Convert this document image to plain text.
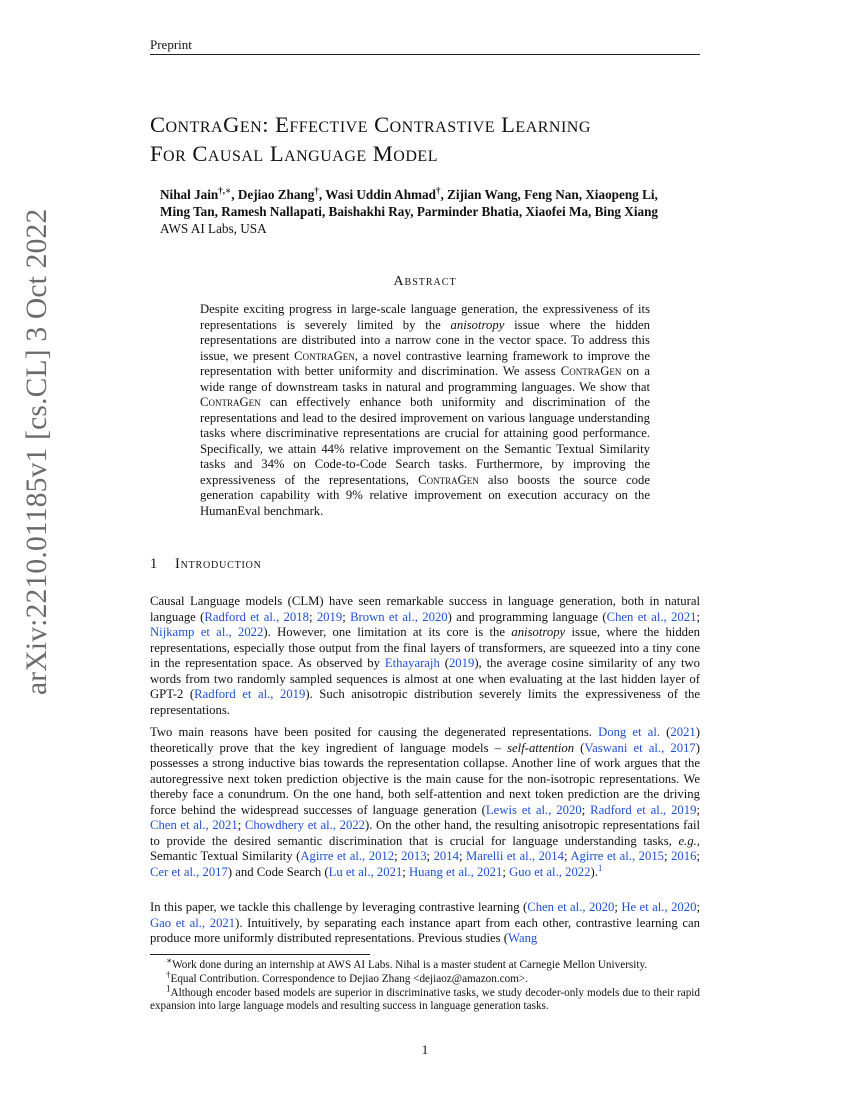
Preprint
arXiv:2210.01185v1 [cs.CL] 3 Oct 2022
ContraGen: Effective Contrastive Learning
For Causal Language Model
Nihal Jain†,∗, Dejiao Zhang†, Wasi Uddin Ahmad†, Zijian Wang, Feng Nan, Xiaopeng Li,
Ming Tan, Ramesh Nallapati, Baishakhi Ray, Parminder Bhatia, Xiaofei Ma, Bing Xiang
AWS AI Labs, USA
Abstract
Despite exciting progress in large-scale language generation, the expressiveness of its representations is severely limited by the anisotropy issue where the hidden representations are distributed into a narrow cone in the vector space. To address this issue, we present ContraGen, a novel contrastive learning framework to improve the representation with better uniformity and discrimination. We assess ContraGen on a wide range of downstream tasks in natural and programming languages. We show that ContraGen can effectively enhance both uniformity and discrimination of the representations and lead to the desired improvement on various language understanding tasks where discriminative representations are crucial for attaining good performance. Specifically, we attain 44% relative improvement on the Semantic Textual Similarity tasks and 34% on Code-to-Code Search tasks. Furthermore, by improving the expressiveness of the representations, ContraGen also boosts the source code generation capability with 9% relative improvement on execution accuracy on the HumanEval benchmark.
1 Introduction
Causal Language models (CLM) have seen remarkable success in language generation, both in natural language (Radford et al., 2018; 2019; Brown et al., 2020) and programming language (Chen et al., 2021; Nijkamp et al., 2022). However, one limitation at its core is the anisotropy issue, where the hidden representations, especially those output from the final layers of transformers, are squeezed into a tiny cone in the representation space. As observed by Ethayarajh (2019), the average cosine similarity of any two words from two randomly sampled sequences is almost at one when evaluating at the last hidden layer of GPT-2 (Radford et al., 2019). Such anisotropic distribution severely limits the expressiveness of the representations.
Two main reasons have been posited for causing the degenerated representations. Dong et al. (2021) theoretically prove that the key ingredient of language models – self-attention (Vaswani et al., 2017) possesses a strong inductive bias towards the representation collapse. Another line of work argues that the autoregressive next token prediction objective is the main cause for the non-isotropic representations. We thereby face a conundrum. On the one hand, both self-attention and next token prediction are the driving force behind the widespread successes of language generation (Lewis et al., 2020; Radford et al., 2019; Chen et al., 2021; Chowdhery et al., 2022). On the other hand, the resulting anisotropic representations fail to provide the desired semantic discrimination that is crucial for language understanding tasks, e.g., Semantic Textual Similarity (Agirre et al., 2012; 2013; 2014; Marelli et al., 2014; Agirre et al., 2015; 2016; Cer et al., 2017) and Code Search (Lu et al., 2021; Huang et al., 2021; Guo et al., 2022).$^1$
In this paper, we tackle this challenge by leveraging contrastive learning (Chen et al., 2020; He et al., 2020; Gao et al., 2021). Intuitively, by separating each instance apart from each other, contrastive learning can produce more uniformly distributed representations. Previous studies (Wang
∗Work done during an internship at AWS AI Labs. Nihal is a master student at Carnegie Mellon University.
†Equal Contribution. Correspondence to Dejiao Zhang <dejiaoz@amazon.com>.
$^1$Although encoder based models are superior in discriminative tasks, we study decoder-only models due to their rapid expansion into large language models and resulting success in language generation tasks.
1
